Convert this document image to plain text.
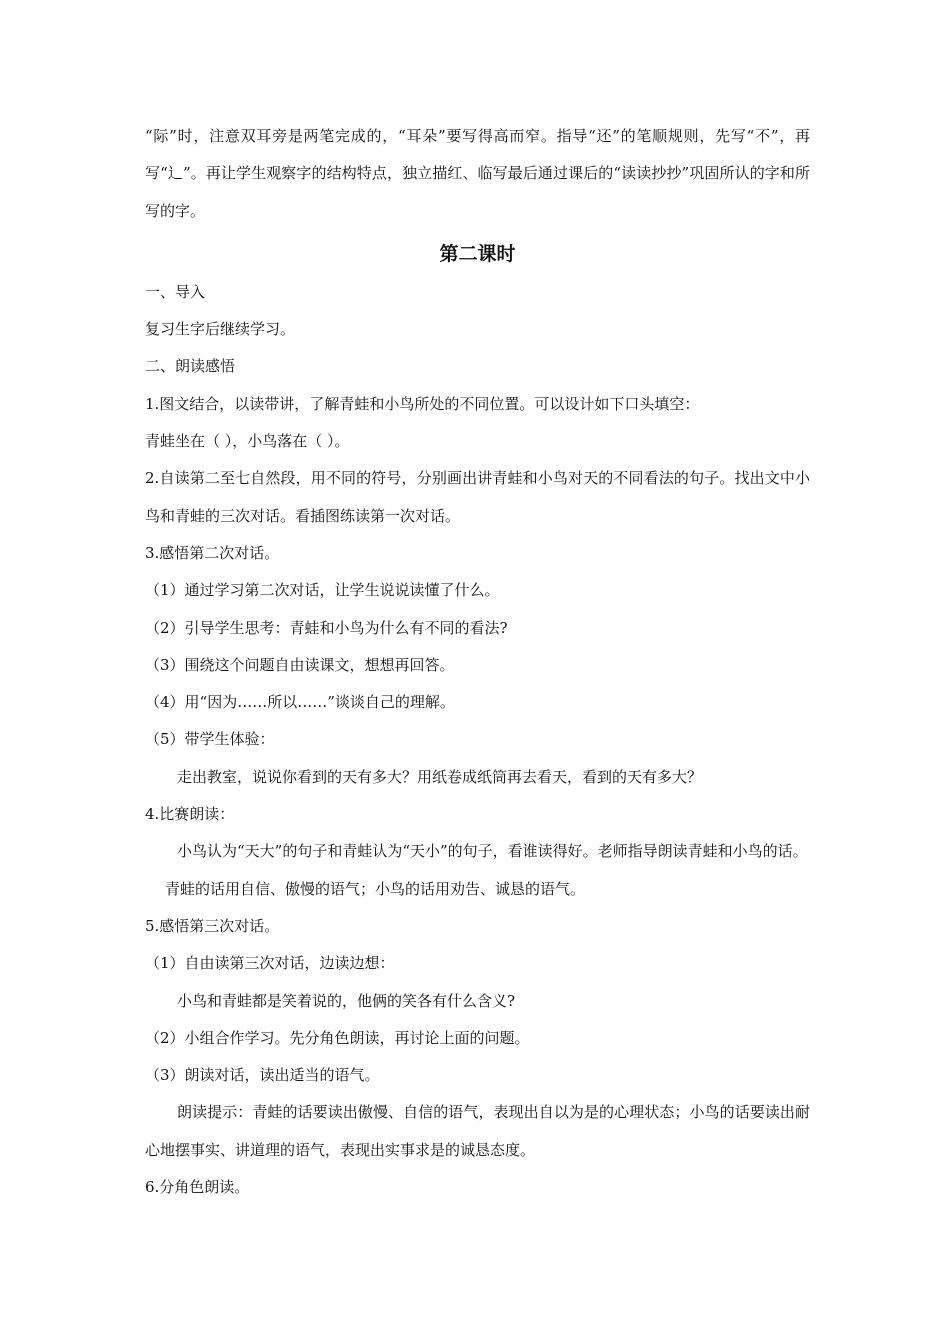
“际”时，注意双耳旁是两笔完成的，“耳朵”要写得高而窄。指导“还”的笔顺规则，先写“不”，再写“辶”。再让学生观察字的结构特点，独立描红、临写最后通过课后的“读读抄抄”巩固所认的字和所写的字。

第二课时

一、导入

复习生字后继续学习。

二、朗读感悟

1.图文结合，以读带讲，了解青蛙和小鸟所处的不同位置。可以设计如下口头填空：

青蛙坐在（ ），小鸟落在（ ）。

2.自读第二至七自然段，用不同的符号，分别画出讲青蛙和小鸟对天的不同看法的句子。找出文中小鸟和青蛙的三次对话。看插图练读第一次对话。

3.感悟第二次对话。

（1）通过学习第二次对话，让学生说说读懂了什么。

（2）引导学生思考：青蛙和小鸟为什么有不同的看法?

（3）围绕这个问题自由读课文，想想再回答。

（4）用“因为……所以……”谈谈自己的理解。

（5）带学生体验：

走出教室，说说你看到的天有多大？用纸卷成纸筒再去看天，看到的天有多大？

4.比赛朗读：

小鸟认为“天大”的句子和青蛙认为“天小”的句子，看谁读得好。老师指导朗读青蛙和小鸟的话。

青蛙的话用自信、傲慢的语气；小鸟的话用劝告、诚恳的语气。

5.感悟第三次对话。

（1）自由读第三次对话，边读边想：

小鸟和青蛙都是笑着说的，他俩的笑各有什么含义?

（2）小组合作学习。先分角色朗读，再讨论上面的问题。

（3）朗读对话，读出适当的语气。

朗读提示：青蛙的话要读出傲慢、自信的语气，表现出自以为是的心理状态；小鸟的话要读出耐心地摆事实、讲道理的语气，表现出实事求是的诚恳态度。

6.分角色朗读。
